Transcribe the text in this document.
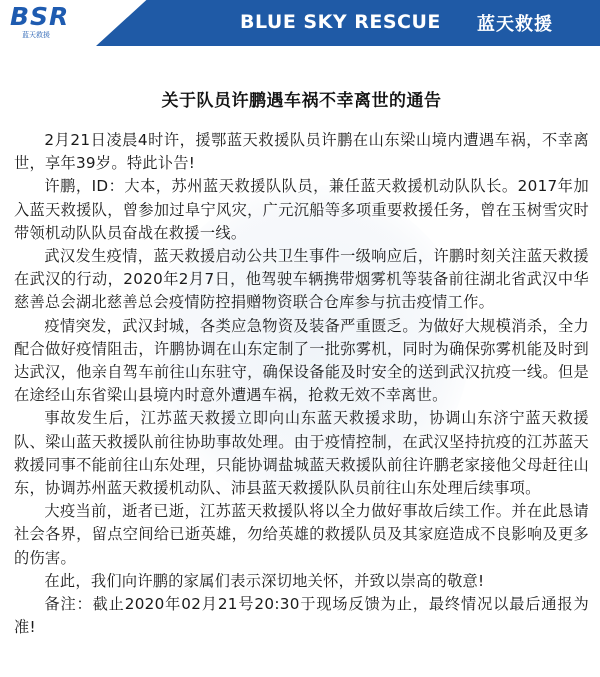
BSR
蓝天救援
BLUE SKY RESCUE 蓝天救援
关于队员许鹏遇车祸不幸离世的通告

2月21日凌晨4时许，援鄂蓝天救援队员许鹏在山东梁山境内遭遇车祸，不幸离世，享年39岁。特此讣告!

许鹏，ID：大本，苏州蓝天救援队队员，兼任蓝天救援机动队队长。2017年加入蓝天救援队，曾参加过阜宁风灾，广元沉船等多项重要救援任务，曾在玉树雪灾时带领机动队队员奋战在救援一线。

武汉发生疫情，蓝天救援启动公共卫生事件一级响应后，许鹏时刻关注蓝天救援在武汉的行动，2020年2月7日，他驾驶车辆携带烟雾机等装备前往湖北省武汉中华慈善总会湖北慈善总会疫情防控捐赠物资联合仓库参与抗击疫情工作。

疫情突发，武汉封城，各类应急物资及装备严重匮乏。为做好大规模消杀，全力配合做好疫情阻击，许鹏协调在山东定制了一批弥雾机，同时为确保弥雾机能及时到达武汉，他亲自驾车前往山东驻守，确保设备能及时安全的送到武汉抗疫一线。但是在途经山东省梁山县境内时意外遭遇车祸，抢救无效不幸离世。

事故发生后，江苏蓝天救援立即向山东蓝天救援求助，协调山东济宁蓝天救援队、梁山蓝天救援队前往协助事故处理。由于疫情控制，在武汉坚持抗疫的江苏蓝天救援同事不能前往山东处理，只能协调盐城蓝天救援队前往许鹏老家接他父母赶往山东，协调苏州蓝天救援机动队、沛县蓝天救援队队员前往山东处理后续事项。

大疫当前，逝者已逝，江苏蓝天救援队将以全力做好事故后续工作。并在此恳请社会各界，留点空间给已逝英雄，勿给英雄的救援队员及其家庭造成不良影响及更多的伤害。

在此，我们向许鹏的家属们表示深切地关怀，并致以崇高的敬意!

备注：截止2020年02月21号20:30于现场反馈为止，最终情况以最后通报为准!
